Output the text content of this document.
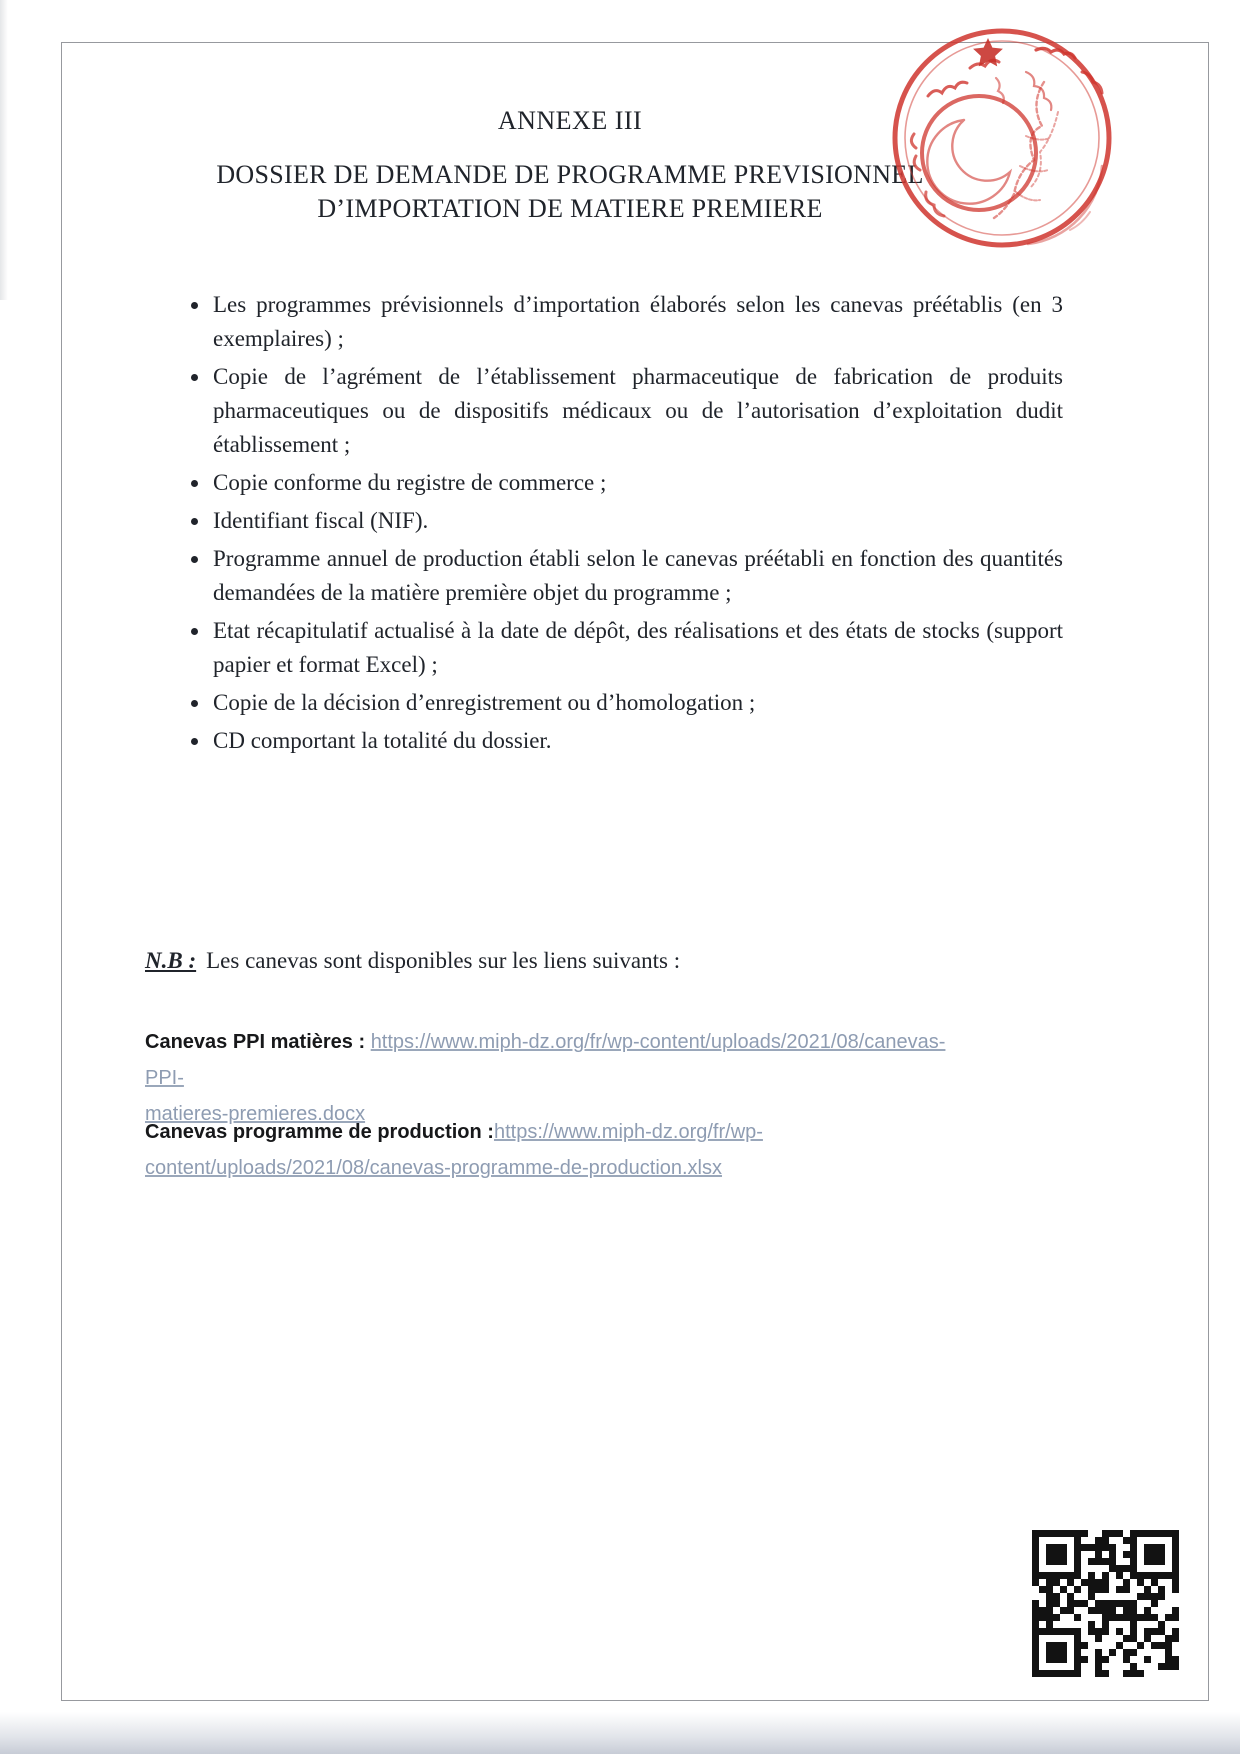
ANNEXE III
DOSSIER DE DEMANDE DE PROGRAMME PREVISIONNEL
D’IMPORTATION DE MATIERE PREMIERE
• Les programmes prévisionnels d’importation élaborés selon les canevas préétablis (en 3 exemplaires) ;
• Copie de l’agrément de l’établissement pharmaceutique de fabrication de produits pharmaceutiques ou de dispositifs médicaux ou de l’autorisation d’exploitation dudit établissement ;
• Copie conforme du registre de commerce ;
• Identifiant fiscal (NIF).
• Programme annuel de production établi selon le canevas préétabli en fonction des quantités demandées de la matière première objet du programme ;
• Etat récapitulatif actualisé à la date de dépôt, des réalisations et des états de stocks (support papier et format Excel) ;
• Copie de la décision d’enregistrement ou d’homologation ;
• CD comportant la totalité du dossier.
N.B : Les canevas sont disponibles sur les liens suivants :

Canevas PPI matières : https://www.miph-dz.org/fr/wp-content/uploads/2021/08/canevas-PPI-
matieres-premieres.docx

Canevas programme de production :https://www.miph-dz.org/fr/wp-
content/uploads/2021/08/canevas-programme-de-production.xlsx
